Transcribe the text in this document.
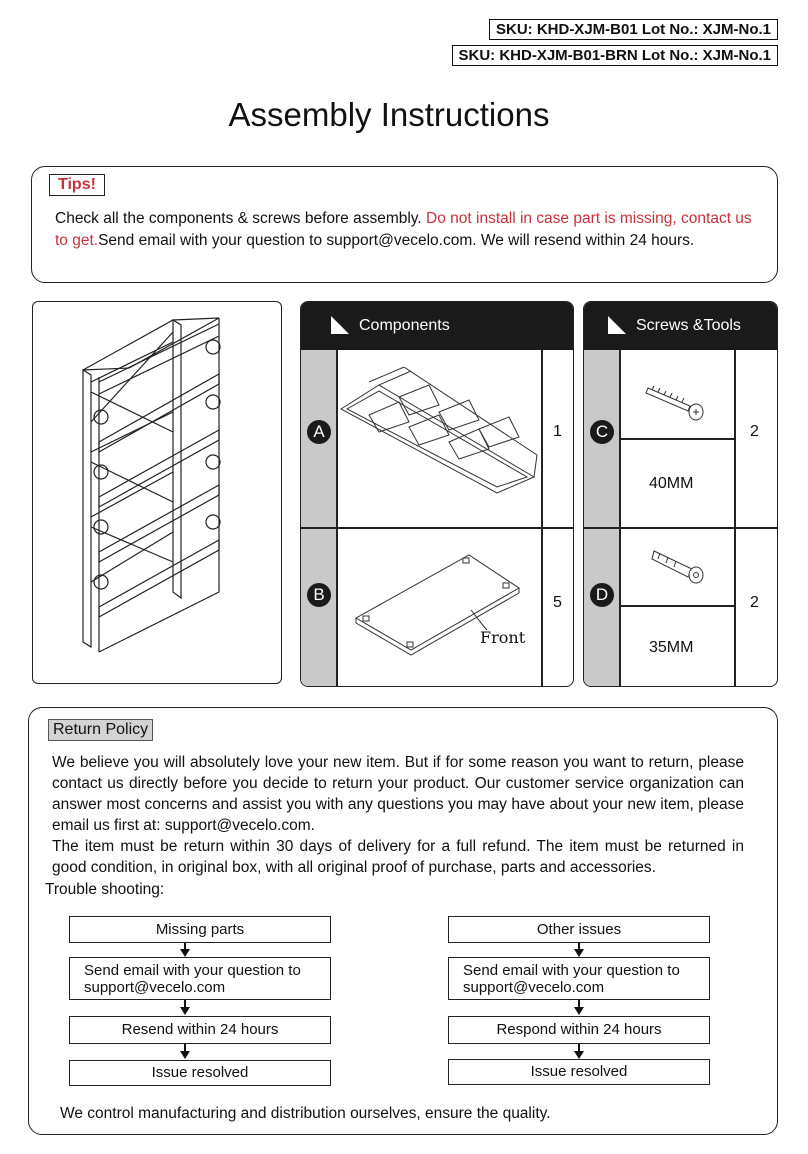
SKU: KHD-XJM-B01 Lot No.: XJM-No.1
SKU: KHD-XJM-B01-BRN Lot No.: XJM-No.1
Assembly Instructions
Tips!
Check all the components & screws before assembly. Do not install in case part is missing, contact us to get.Send email with your question to support@vecelo.com. We will resend within 24 hours.
Components
A
B
1
5
Front
Screws &Tools
C
D
2
2
40MM
35MM
Return Policy
We believe you will absolutely love your new item. But if for some reason you want to return, please contact us directly before you decide to return your product. Our customer service organization can answer most concerns and assist you with any questions you may have about your new item, please email us first at: support@vecelo.com.
The item must be return within 30 days of delivery for a full refund. The item must be returned in good condition, in original box, with all original proof of purchase, parts and accessories.
Trouble shooting:
Missing parts
Send email with your question to support@vecelo.com
Resend within 24 hours
Issue resolved
Other issues
Send email with your question to support@vecelo.com
Respond within 24 hours
Issue resolved
We control manufacturing and distribution ourselves, ensure the quality.
